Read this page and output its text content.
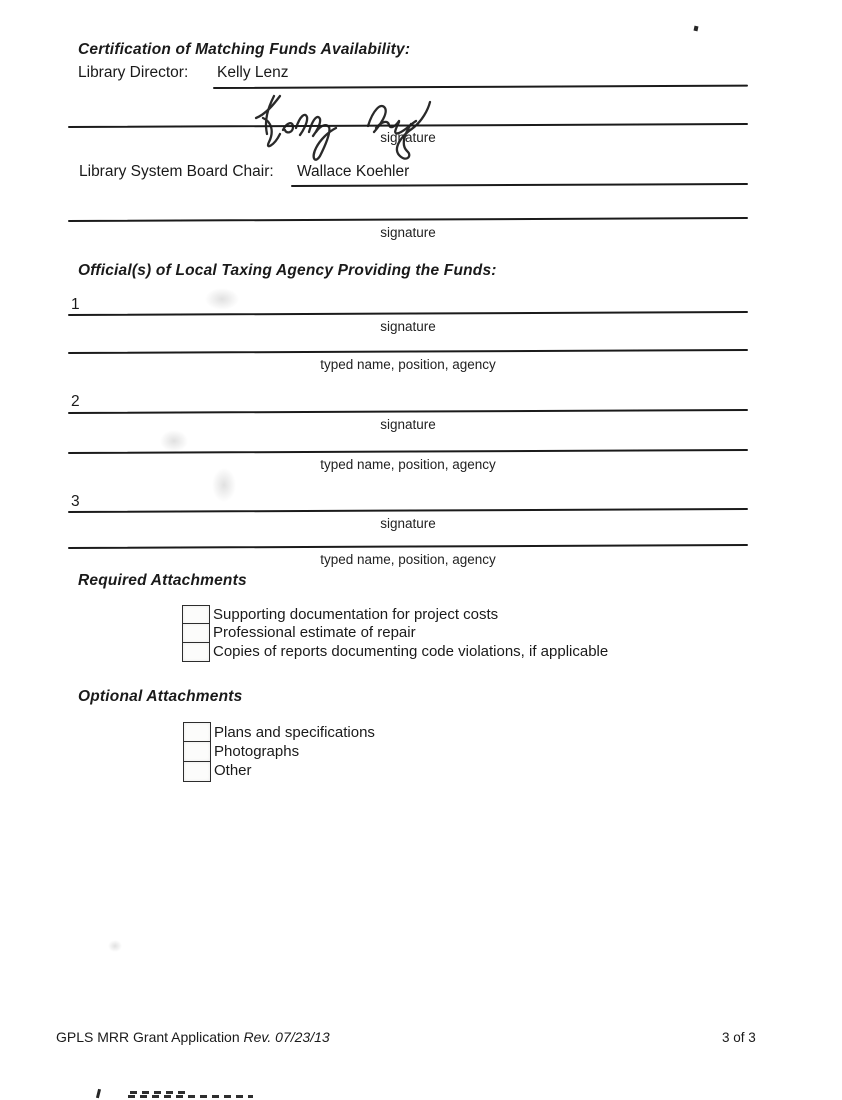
Certification of Matching Funds Availability:
Library Director: Kelly Lenz
signature
Library System Board Chair: Wallace Koehler
signature
Official(s) of Local Taxing Agency Providing the Funds:
1
signature
typed name, position, agency
2
signature
typed name, position, agency
3
signature
typed name, position, agency
Required Attachments
Supporting documentation for project costs
Professional estimate of repair
Copies of reports documenting code violations, if applicable
Optional Attachments
Plans and specifications
Photographs
Other
GPLS MRR Grant Application Rev. 07/23/13	3 of 3
